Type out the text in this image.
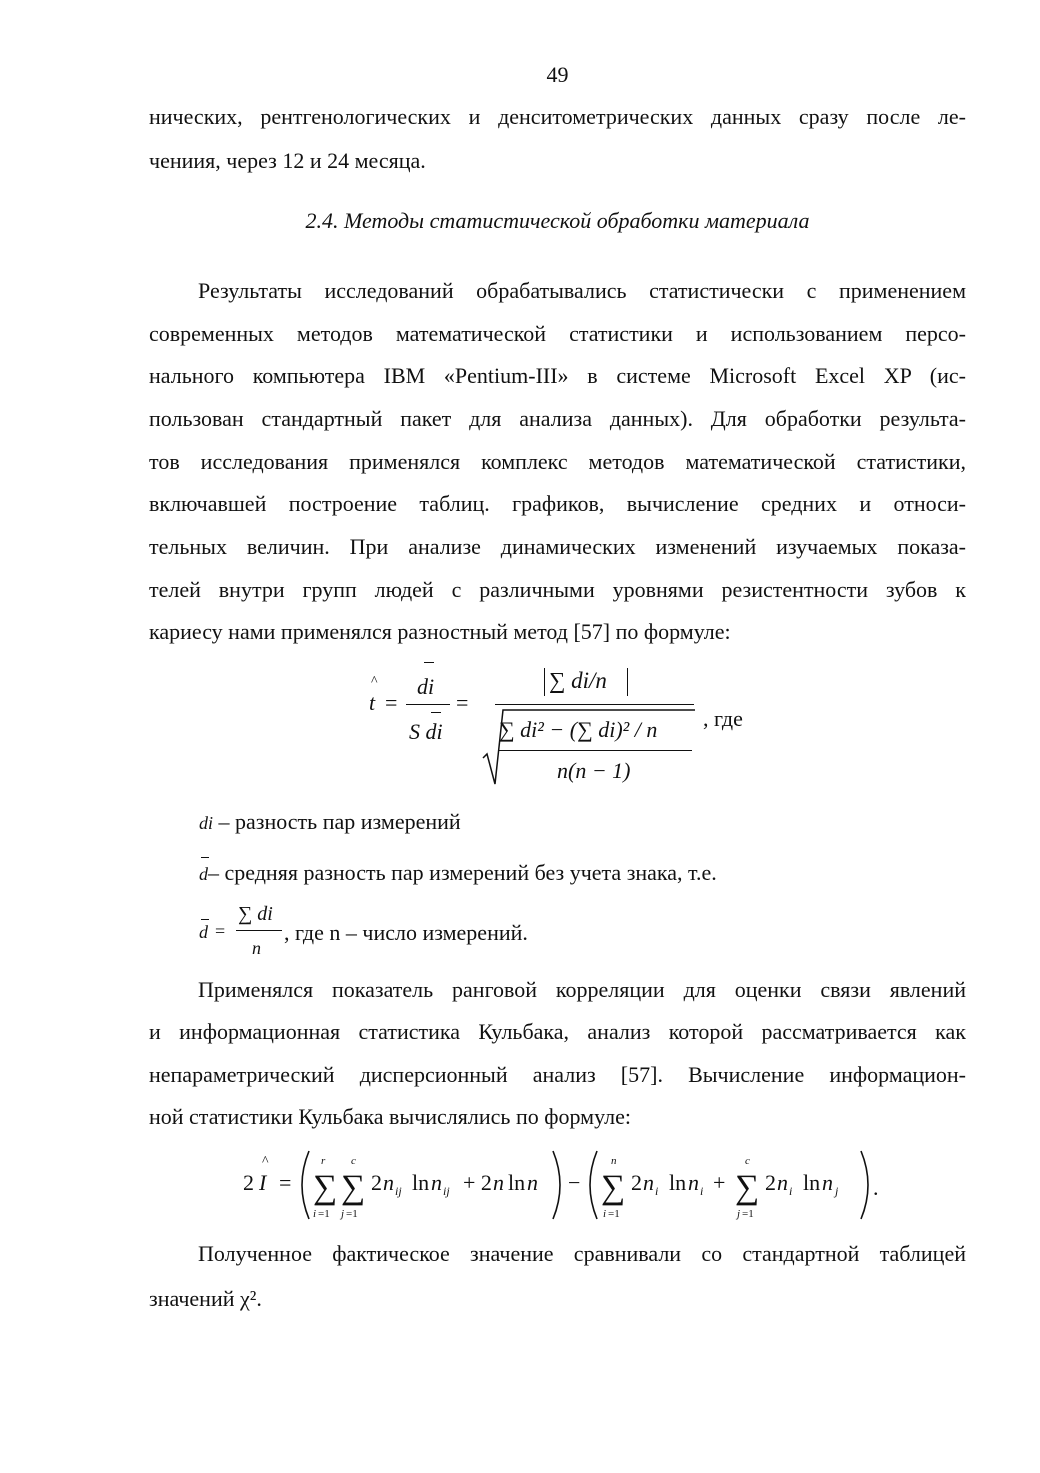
49
нических, рентгенологических и денситометрических данных сразу после ле-
чениия, через 12 и 24 месяца.
2.4. Методы статистической обработки материала
Результаты исследований обрабатывались статистически с применением
современных методов математической статистики и использованием персо-
нального компьютера IBM «Pentium-III» в системе Microsoft Excel XP (ис-
пользован стандартный пакет для анализа данных). Для обработки результа-
тов исследования применялся комплекс методов математической статистики,
включавшей построение таблиц. графиков, вычисление средних и относи-
тельных величин. При анализе динамических изменений изучаемых показа-
телей внутри групп людей с различными уровнями резистентности зубов к
кариесу нами применялся разностный метод [57] по формуле:
t
^
=
di
S di
=
∑ di/n
∑ di² − (∑ di)² / n
n(n − 1)
, где
di – разность пар измерений
d– средняя разность пар измерений без учета знака, т.е.
d =
∑ di
n
, где n – число измерений.
Применялся показатель ранговой корреляции для оценки связи явлений
и информационная статистика Кульбака, анализ которой рассматривается как
непараметрический дисперсионный анализ [57]. Вычисление информацион-
ной статистики Кульбака вычислялись по формуле:
2 I
^
= ∑
r
i =1
∑
c
j =1
2 n ij ln n ij + 2 n ln n − ∑
n
i =1
2 n i ln n i + ∑
c
j =1
2 n i ln n j .
Полученное фактическое значение сравнивали со стандартной таблицей
значений χ².
